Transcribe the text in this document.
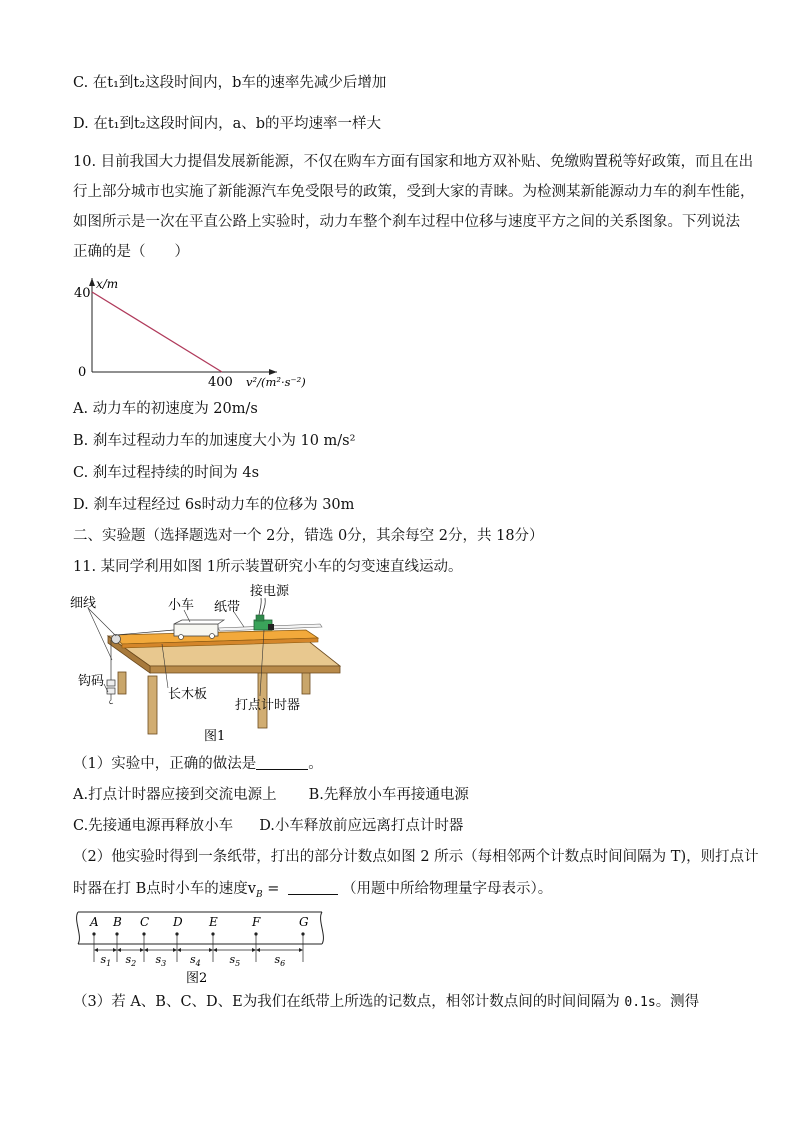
C. 在t₁到t₂这段时间内，b车的速率先减少后增加
D. 在t₁到t₂这段时间内，a、b的平均速率一样大
10. 目前我国大力提倡发展新能源，不仅在购车方面有国家和地方双补贴、免缴购置税等好政策，而且在出
行上部分城市也实施了新能源汽车免受限号的政策，受到大家的青睐。为检测某新能源动力车的刹车性能，
如图所示是一次在平直公路上实验时，动力车整个刹车过程中位移与速度平方之间的关系图象。下列说法
正确的是（　　）
40
0
400
x/m
v²/(m²·s⁻²)
A. 动力车的初速度为 20m/s
B. 刹车过程动力车的加速度大小为 10 m/s²
C. 刹车过程持续的时间为 4s
D. 刹车过程经过 6s时动力车的位移为 30m
二、实验题（选择题选对一个 2分，错选 0分，其余每空 2分，共 18分）
11. 某同学利用如图 1所示装置研究小车的匀变速直线运动。
细线	小车 纸带
接电源
钩码
长木板
打点计时器
图1
（1）实验中，正确的做法是	。
A.打点计时器应接到交流电源上 B.先释放小车再接通电源
C.先接通电源再释放小车 D.小车释放前应远离打点计时器
（2）他实验时得到一条纸带，打出的部分计数点如图 2 所示（每相邻两个计数点时间间隔为 T)，则打点计
时器在打 B点时小车的速度$v_B$ =	（用题中所给物理量字母表示）。
A B C D E	F	G
$s_1$ $s_2$ $s_3$ $s_4$	$s_5$	$s_6$
图2
（3）若 A、B、C、D、E为我们在纸带上所选的记数点，相邻计数点间的时间间隔为 0.1s。测得
